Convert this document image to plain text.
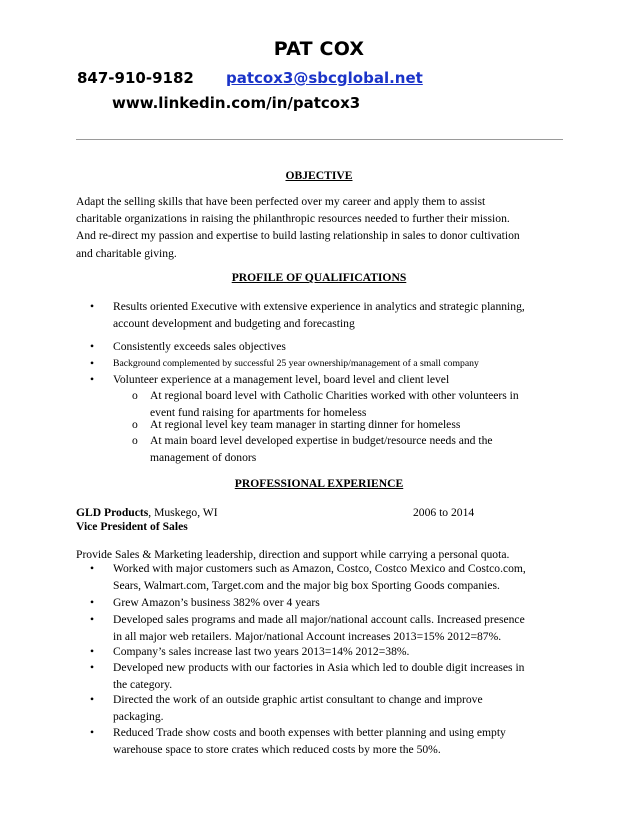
PAT COX
847-910-9182 patcox3@sbcglobal.net
www.linkedin.com/in/patcox3
OBJECTIVE
Adapt the selling skills that have been perfected over my career and apply them to assist
charitable organizations in raising the philanthropic resources needed to further their mission.
And re-direct my passion and expertise to build lasting relationship in sales to donor cultivation
and charitable giving.
PROFILE OF QUALIFICATIONS
• Results oriented Executive with extensive experience in analytics and strategic planning,
account development and budgeting and forecasting
• Consistently exceeds sales objectives
• Background complemented by successful 25 year ownership/management of a small company
• Volunteer experience at a management level, board level and client level
o At regional board level with Catholic Charities worked with other volunteers in
event fund raising for apartments for homeless
o At regional level key team manager in starting dinner for homeless
o At main board level developed expertise in budget/resource needs and the
management of donors
PROFESSIONAL EXPERIENCE
GLD Products, Muskego, WI	2006 to 2014
Vice President of Sales
Provide Sales & Marketing leadership, direction and support while carrying a personal quota.
• Worked with major customers such as Amazon, Costco, Costco Mexico and Costco.com,
Sears, Walmart.com, Target.com and the major big box Sporting Goods companies.
• Grew Amazon’s business 382% over 4 years
• Developed sales programs and made all major/national account calls. Increased presence
in all major web retailers. Major/national Account increases 2013=15% 2012=87%.
• Company’s sales increase last two years 2013=14% 2012=38%.
• Developed new products with our factories in Asia which led to double digit increases in
the category.
• Directed the work of an outside graphic artist consultant to change and improve
packaging.
• Reduced Trade show costs and booth expenses with better planning and using empty
warehouse space to store crates which reduced costs by more the 50%.
